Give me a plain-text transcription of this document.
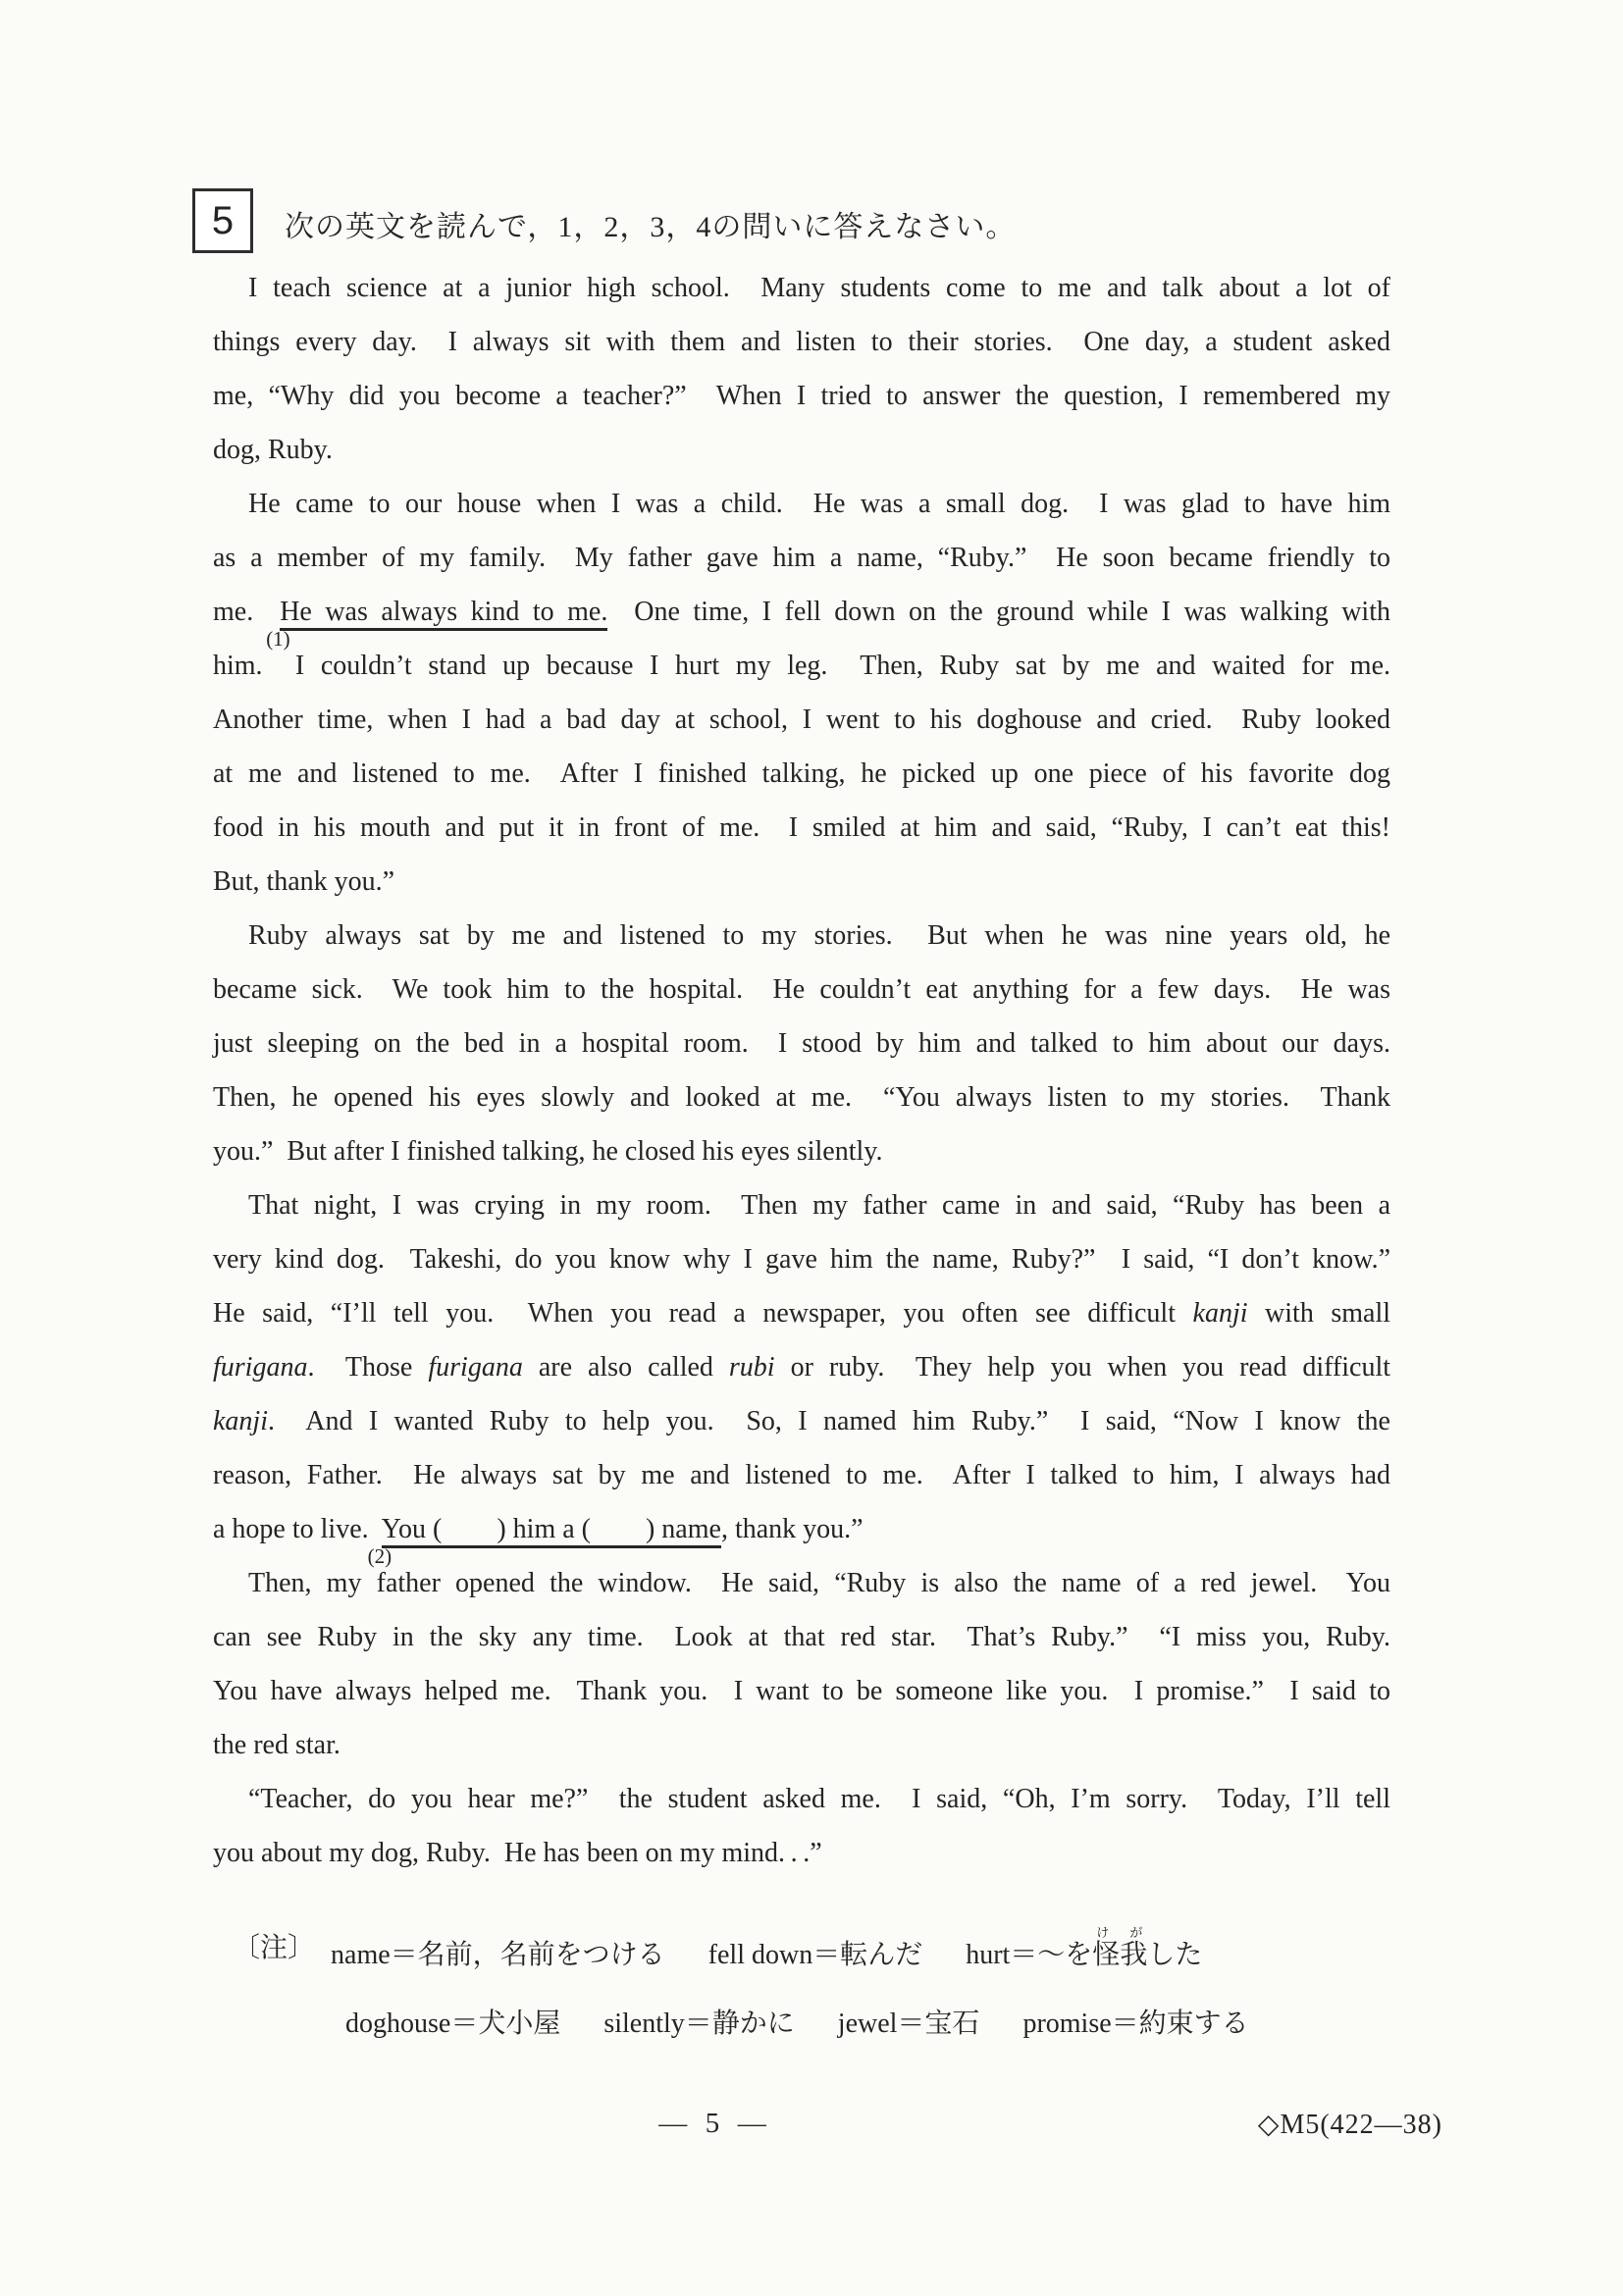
5	次の英文を読んで，1，2，3，4の問いに答えなさい。
I teach science at a junior high school.  Many students come to me and talk about a lot of
things every day.  I always sit with them and listen to their stories.  One day, a student asked
me, “Why did you become a teacher?”  When I tried to answer the question, I remembered my
dog, Ruby.
He came to our house when I was a child.  He was a small dog.  I was glad to have him
as a member of my family.  My father gave him a name, “Ruby.”  He soon became friendly to
me.  He was always kind to me.
(1)
One time, I fell down on the ground while I was walking with
him.  I couldn’t stand up because I hurt my leg.  Then, Ruby sat by me and waited for me.
Another time, when I had a bad day at school, I went to his doghouse and cried.  Ruby looked
at me and listened to me.  After I finished talking, he picked up one piece of his favorite dog
food in his mouth and put it in front of me.  I smiled at him and said, “Ruby, I can’t eat this!
But, thank you.”
Ruby always sat by me and listened to my stories.  But when he was nine years old, he
became sick.  We took him to the hospital.  He couldn’t eat anything for a few days.  He was
just sleeping on the bed in a hospital room.  I stood by him and talked to him about our days.
Then, he opened his eyes slowly and looked at me.  “You always listen to my stories.  Thank
you.”  But after I finished talking, he closed his eyes silently.
That night, I was crying in my room.  Then my father came in and said, “Ruby has been a
very kind dog.  Takeshi, do you know why I gave him the name, Ruby?”  I said, “I don’t know.”
He said, “I’ll tell you.  When you read a newspaper, you often see difficult kanji with small
furigana.  Those furigana are also called rubi or ruby.  They help you when you read difficult
kanji.  And I wanted Ruby to help you.  So, I named him Ruby.”  I said, “Now I know the
reason, Father.  He always sat by me and listened to me.  After I talked to him, I always had
a hope to live.  You (  ) him a (  ) name
(2)
, thank you.”
Then, my father opened the window.  He said, “Ruby is also the name of a red jewel.  You
can see Ruby in the sky any time.  Look at that red star.  That’s Ruby.”  “I miss you, Ruby.
You have always helped me.  Thank you.  I want to be someone like you.  I promise.”  I said to
the red star.
“Teacher, do you hear me?”  the student asked me.  I said, “Oh, I’m sorry.  Today, I’ll tell
you about my dog, Ruby.  He has been on my mind. . .”
〔注〕 name＝名前，名前をつける fell down＝転んだ hurt＝〜を怪我け がした
doghouse＝犬小屋 silently＝静かに jewel＝宝石 promise＝約束する
— 5 —	◇M5(422—38)
